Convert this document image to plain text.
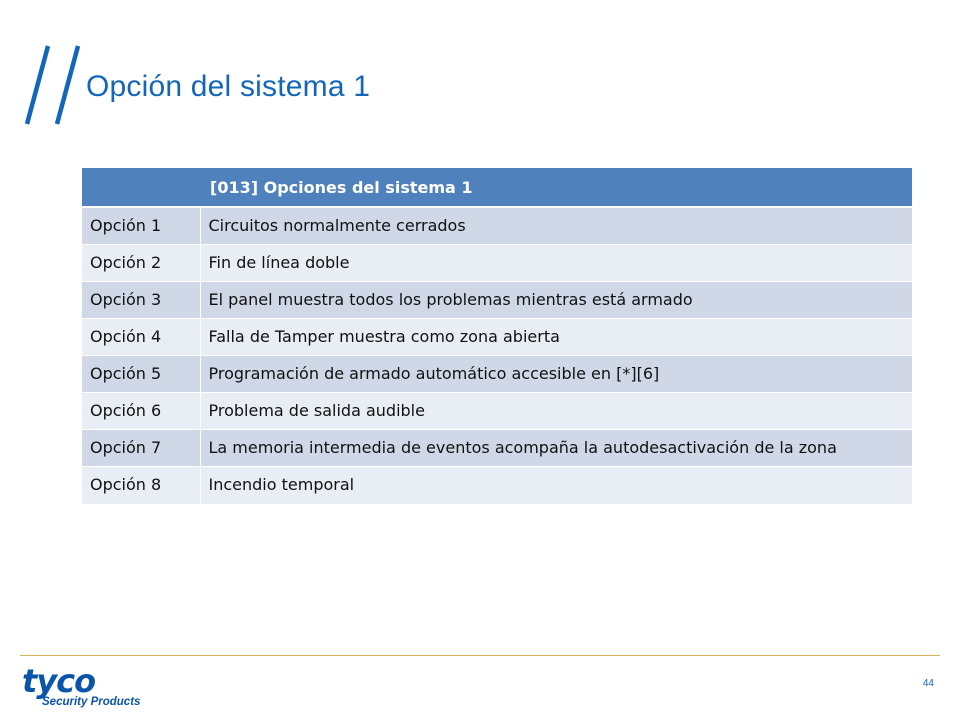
Opción del sistema 1
	[013] Opciones del sistema 1
Opción 1	Circuitos normalmente cerrados
Opción 2	Fin de línea doble
Opción 3	El panel muestra todos los problemas mientras está armado
Opción 4	Falla de Tamper muestra como zona abierta
Opción 5	Programación de armado automático accesible en [*][6]
Opción 6	Problema de salida audible
Opción 7	La memoria intermedia de eventos acompaña la autodesactivación de la zona
Opción 8	Incendio temporal
tyco
Security Products
44
